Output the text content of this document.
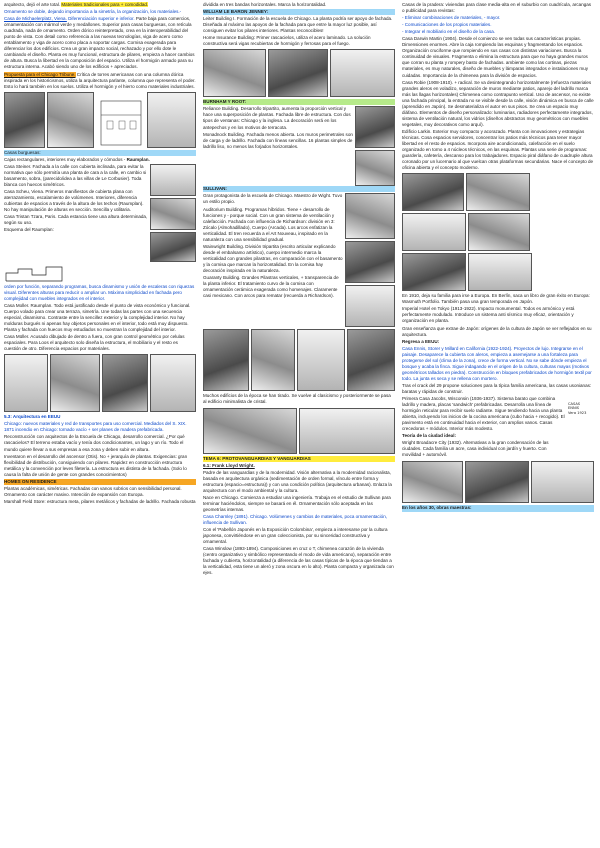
arquitecto, dejó el arte total. Materiales tradicionales para + comodidad.

Ornamento se doble, dejando importancia a la simetría, la organización, los materiales.-

Casa de Michaelerplatz, Viena. Diferenciación superior e inferior. Parte baja para comercios, ornamentación con mármol verde y medallones. Superior para casas burguesas, con retícula cuadrada, nada de ornamento. Orden dórico reinterpretado, crea en la interoperabilidad del punto de vista. Con detail como referencia a las nuevas tecnologías, viga de acero como entablamento y viga de acero como placa a soportar cargas. Cornisa exagerada para diferenciar los dos edificios. Crea un gran impacto social, rechazado y por ello dote le cambiando el diseño. Planta es muy funcional, estructura de pilares, empieza a hacer cambios de altura. Busca la libertad en la composición del espacio. Utiliza el hormigón armado para su estructura interna. Acabó siendo uno de los edificios + apreciados.

Propuesta para el Chicago Tribune. Crítica de torres americanas con una columna dórica inspirada en los historicismos, utiliza la arquitectura parlante, columna que representa el poder. Esto lo hará también en los suelos. Utiliza el hormigón y el hierro como materiales industriales.

Casas burguesas:

Cajas rectangulares, interiores muy elaborados y cómodos - Raumplan.

Casa Steiner. Fachada a la calle con cubierta inclinada, para evitar la normativa que sólo permitía una planta de cara a la calle, en cambio si basamento, sobra, (parecido/idea a las villas de Le Corbusier). Toda blanca con huecos simétricos.

Casa Scheu, Viena. Primeros manifiestos de cubierta plana con aterrazamiento, escalamiento de volúmenes. Interiores, diferencia cubiertas de espacios a través de la altura de los techos (Raumplan). No hay manipulación de alturas en sección. Sencilla y utilitaria.

Casa Tristan Tzara, Paris. Cada estancia tiene una altura determinada, según su uso.

Esquema del Raumplan:

orden por función, separando programas, busca dinamismo y unión de escaleras con riquezas visual. Diferentes alturas para reducir o ampliar un. Máxima simplicidad en fachada pero complejidad con muebles integrados en el interior.

Casa Moller. Raumplan. Todo está justificado desde el punto de vista económico y funcional. Cuerpo volado para crear una terraza, simetría. Une todas las partes con una secuencia especial, dinamismo. Contraste entre la sencillez exterior y la complejidad interior. No hay molduras burgués ni apenas hay objetos personales en el interior, todo está muy dispuesto. Planta y fachada con huecos muy estudiados no muestran la complejidad del interior.

Casa Müller. Acusado dibujado de dentro a fuera, con gran control geométrico por celulas espaciales. Para Loos el arquitecto solo diseña la estructura, el mobiliario y el resto es cuestión de otro. Diferencia espacios por materiales.

5.3: Arquitectura en EEUU

Chicago: nuevos materiales y red de transportes para uso comercial. Mediados del S. XIX. 1871 incendio en Chicago: tornado vacío + ser planes de madera prefabricada.

Reconstrucción con arquitectos de la Escuela de Chicago, desarrollo comercial. ¿Por qué rascacielos? El terreno estaba vacío y tenía dos condicionantes, un lago y un río. Todo el mundo quiere llevar a sus empresas a esa zona y deben subir en altura.

Inventaron en el desarrollo del ascensor (Otis). No + jerarquía de plantas. Exigencias: gran flexibilidad de distribución, consiguiendo con pilares. Rapidez en construcción estructura metálica y la convención por leves filetería. La estructura es distinta de la fachada. (Solo lo causa la falta de unión de gente con grandes conocimientos)

HOMES ON RESIDENCE

Plantas académicas, simétricas. Fachadas con vanos sobrios con sensibilidad personal. Ornamento con carácter masivo. Intención de expansión con Europa.

Marshall Field Store: estructura meta, pilares metálicos y fachadas de ladrillo. Fachada robusta

dividida en tres bandas horizontales. Marca la horizontalidad.

WILLIAM LE BARON JENNEY:

Leiter Building I. Formación de la escuela de Chicago. La planta podría ser apoyo de fachada. Diseñada al máximo las apoyos de la fachada para que entre la mayor luz posible, así consiguen evitar los pilares interiores. Plantas reconocibles!

Home Insurance Building: Primer rascacielos, utiliza el acero laminado. La solución constructiva será vigas recubiertas de hormigón y ferrosas para el fuego.

BURNHAM Y ROOT:

Reliance Building. Desarrollo tripartito, aumenta la proporción vertical y hace una superposición de plantas. Fachada libre de estructura. Con dos tipos de ventanas: Chicago y la inglesa. La decoración será en los antepechos y en los motivos de terracota.

Monadnock Building. Fachada menos abierta. Los muros perimetrales son de carga y de ladrillo. Fachada con líneas sencillas. 16 plantas simples de ladrillo liso, no menos las forjados horizontales.

SULLIVAN:

Gran protagonista de la escuela de Chicago. Maestro de Wight. Tuvo un estilo propio.

Auditorium Building. Programas híbridos. Tiene + desarrollo de funciones y - porque social. Con un gran sistema de ventilación y calefacción. Fachada con influencia de Richardson: división en 3: Zócalo (Almohadillado), Cuerpo (Arcada). Los arcos enfatizan la verticalidad. El tren recuerda a el Art Nouveau, inspirado en la naturaleza con una sensibilidad gradual.

Wainwright Building. División tripartita (escrito articular explicando desde el embalsamo artístico), cuerpo intermedio marca la verticalidad con grandes pilastras, en comparación con el basamento y la cornisa que marcan la horizontalidad. En la cornisa hay decoración inspirada en la naturaleza.

Guaranty Building. Grandes Pilastras verticales, + transparencia de la planta inferior. El tratamiento curvo de la cornisa con ornamentación cerámica exagerada como homenajes. Claramente casi mexicano. Con arcos para rematar (recuerda a Richardson).

Muchos edificios de la época se han tirado. Se vuelve al clasicismo y posteriormente se pasa al edificio minimalista de cristal.

TEMA 6: PROTOVANGUARDIAS Y VANGUARDIAS

6.1: Frank Lloyd Wright.

Padre de las vanguardias y de la modernidad. Visión alternativa a la modernidad racionalista, basada en arquitectura orgánica (sedimentación de orden formal, vínculo entre forma y estructura (espacio=estructura)) y con una condición política (arquitectura urbanas). Enlaza la arquitectura con el modo ambiental y la cultura.

Nace en Chicago. Comienza a estudiar una ingeniería. Trabaja en el estudio de Sullivan para terminar haciéndolos, siempre se basará en él. Ornamentación sólo aceptada en las geometrías internas.

Casa Charnley (1891). Chicago. Volúmenes y cambios de materiales, poca ornamentación, influencia de Sullivan.

Con el 'Pabellón Japonés en la Exposición Colombina', empieza a interesarse por la cultura japonesa, convirtiéndose en un gran coleccionista, por su sinceridad constructiva y ornamental.

Casa Winslow (1893-1894). Composiciones en cruz o T, chimenea corazón de la vivienda (centro organizativo y simbólico representando el modo de vida americano), separación entre fachada y cubierta, horizontalidad (a diferencia de las casas típicas de la época que tiendan a la verticalidad, esta tiene un aleró y zona oscura en lo alto). Planta compacta y organizada con ejes.

Casas de la pradera: viviendas para clase media-alta en el suburbio con cuadrícula, arcangas o publicidad para revistas:

- Eliminar combinaciones de materiales, - mayor.

- Comunicaciones de los propios materiales.

- Integrar el mobiliario en el diseño de la casa.

Casa Darwin Martin (1904). Desde el comienzo se ven todas sus características propias. Dimensiones enormes. Abre la caja rompiendo las esquinas y fragmentando los espacios. Organización cruciforme que rompiendo en sus casas con distintas variaciones. Busca la continuidad de visuales. Fragmenta o elimina la estructura para que no haya grandes muros que corran su planta y rompery basto de fachadas. ambiente como las cortinas, piezas materiales, es muy naturales, diseño de muebles y lámparas integrados e instalaciones muy cuidadas. Importancia de la chimenea para la división de espacios.

Casa Robie (1908-1910). + radical. Se va desintegrando horizontalmente (refuerza materiales grandes aleros en voladizo, separación de muros mediante patios, aparejo del ladrillo marca más las llagas horizontales) Chimenea como contrapunto vertical. Uso de ascensor, no existe una fachada principal, la entrada no se visible desde la calle, visión dinámica en busca de calle (aprendido en Japón). Se desmaterializa el autor en sus pisos. Se crea un espacio muy diáfano. Elementos de diseño personalizado: luminarias, radiadores perfectamente integrados, sistema de ventilación natural, los vidrios (diseños abstractos muy geométricos con muebles vegetales, muy decorativos como arquí).

Edificio Larkin. Exterior muy compacto y acorazado. Planta con innovaciones y estrategias técnicas. Cosa espacios servidores, concentrar los patios más técnicos para tener mayor libertad en el resto de espacios. Incorpora aire acondicionado, calefacción en el suelo organizado en torno a 4 núcleos técnicos, en las esquinas. Plantas una serie de programas: guardería, cafetería, descanso para los trabajadores. Espacio piral diáfano de cuadruple altura coronado por un lucernario al que vuelcan otras plataformas secundarias. Nace el concepto de oficina abierta y el concepto moderno.

En 1910, deja su familia para irse a Europa. En Berlín, saca un libro de gran éxito en Europa: Wasmuth Portfolio. También pasa una gran temporada en Japón.

Imperial Hotel en Tokyo (1913-1922). Impacto monumental. Todos es armónico y está perfectamente modulado. Introduce un sistema anti sísmico muy eficaz, orientación y organización en planta.

Gran enseñanza que extrae de Japón: orígenes de la cultura de Japón se ver reflejados en su arquitectura.

Regresa a EEUU:

Casa Ennis, Storer y Millard en California (1922-1924). Proyectos de lujo. Integrarse en el paisaje. Desaparece la cubierta con aleros, empieza a asemejarse a una fortaleza para protegerse del sol (clima de la zona), crece de forma vertical. No se sabe dónde empieza el bosque y acaba la finca. Sigue indagando en el origen de la cultura, culturas mayas (motivos geométricos tallados en piedra). Construcción en bloques prefabricados de hormigón textil por todo. La junta es seca y se rellena con mortero.

Tras el crack del 29 propone soluciones para la típica familia americana, las casas usonianas: baratas y rápidas de construir.

Primera Casa Jacobs, Wisconsin (1936-1937). Sistema barato que combina ladrillo y madera, placas 'sandwich' prefabricadas. Desarrolla una línea de hormigón reticular para recibir suelo radiante. Sigue tendiendo hacia una planta abierta, incluyendo los inicios de la cocina americana (cubo hacia + recogido). El pavimento está en continuidad hacia el exterior, con amplios vanos. Casas crecedoras + módulos. Interior más modesto.

Teoría de la ciudad ideal:

Wright Broadacre City (1932). Alternativas a la gran condensación de las ciudades. Cada familia un acre, casa individual con jardín y huerto. Con movilidad + automóvil.

CASAS
ENNIS
Vera 1923

En los años 30, obras maestras:
